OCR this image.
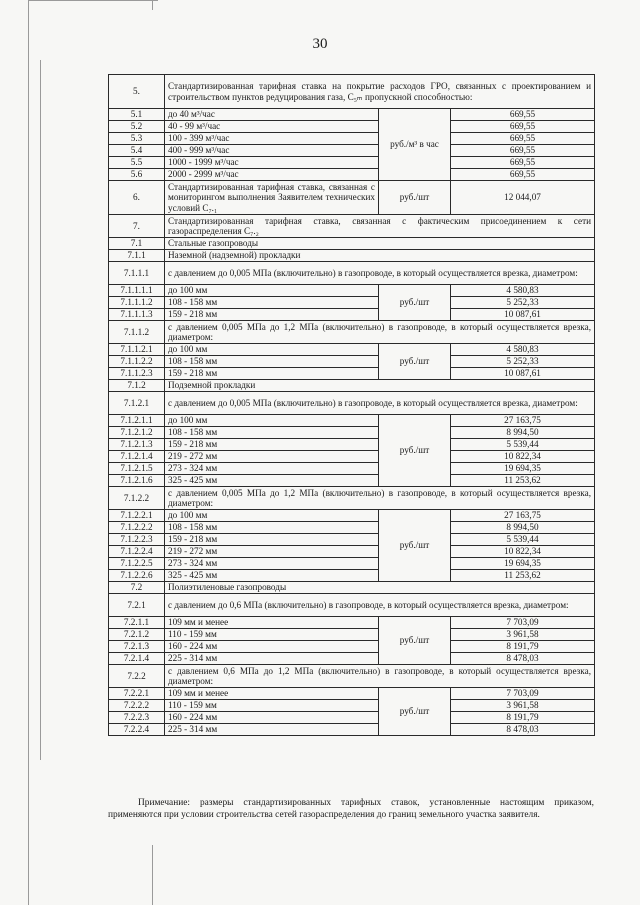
30
5.	Стандартизированная тарифная ставка на покрытие расходов ГРО, связанных с проектированием и строительством пунктов редуцирования газа, C₅ₘ пропускной способностью:		
5.1	до 40 м³/час	руб./м³ в час	669,55
5.2	40 - 99 м³/час		669,55
5.3	100 - 399 м³/час		669,55
5.4	400 - 999 м³/час		669,55
5.5	1000 - 1999 м³/час		669,55
5.6	2000 - 2999 м³/час		669,55
6.	Стандартизированная тарифная ставка, связанная с мониторингом выполнения Заявителем технических условий C₇.₁	руб./шт	12 044,07
7.	Стандартизированная тарифная ставка, связанная с фактическим присоединением к сети газораспределения C₇.₂		
7.1	Стальные газопроводы		
7.1.1	Наземной (надземной) прокладки		
7.1.1.1	с давлением до 0,005 МПа (включительно) в газопроводе, в который осуществляется врезка, диаметром:		
7.1.1.1.1	до 100 мм	руб./шт	4 580,83
7.1.1.1.2	108 - 158 мм		5 252,33
7.1.1.1.3	159 - 218 мм		10 087,61
7.1.1.2	с давлением 0,005 МПа до 1,2 МПа (включительно) в газопроводе, в который осуществляется врезка, диаметром:		
7.1.1.2.1	до 100 мм	руб./шт	4 580,83
7.1.1.2.2	108 - 158 мм		5 252,33
7.1.1.2.3	159 - 218 мм		10 087,61
7.1.2	Подземной прокладки		
7.1.2.1	с давлением до 0,005 МПа (включительно) в газопроводе, в который осуществляется врезка, диаметром:		
7.1.2.1.1	до 100 мм	руб./шт	27 163,75
7.1.2.1.2	108 - 158 мм		8 994,50
7.1.2.1.3	159 - 218 мм		5 539,44
7.1.2.1.4	219 - 272 мм		10 822,34
7.1.2.1.5	273 - 324 мм		19 694,35
7.1.2.1.6	325 - 425 мм		11 253,62
7.1.2.2	с давлением 0,005 МПа до 1,2 МПа (включительно) в газопроводе, в который осуществляется врезка, диаметром:		
7.1.2.2.1	до 100 мм	руб./шт	27 163,75
7.1.2.2.2	108 - 158 мм		8 994,50
7.1.2.2.3	159 - 218 мм		5 539,44
7.1.2.2.4	219 - 272 мм		10 822,34
7.1.2.2.5	273 - 324 мм		19 694,35
7.1.2.2.6	325 - 425 мм		11 253,62
7.2	Полиэтиленовые газопроводы		
7.2.1	с давлением до 0,6 МПа (включительно) в газопроводе, в который осуществляется врезка, диаметром:		
7.2.1.1	109 мм и менее	руб./шт	7 703,09
7.2.1.2	110 - 159 мм		3 961,58
7.2.1.3	160 - 224 мм		8 191,79
7.2.1.4	225 - 314 мм		8 478,03
7.2.2	с давлением 0,6 МПа до 1,2 МПа (включительно) в газопроводе, в который осуществляется врезка, диаметром:		
7.2.2.1	109 мм и менее	руб./шт	7 703,09
7.2.2.2	110 - 159 мм		3 961,58
7.2.2.3	160 - 224 мм		8 191,79
7.2.2.4	225 - 314 мм		8 478,03
Примечание: размеры стандартизированных тарифных ставок, установленные настоящим приказом, применяются при условии строительства сетей газораспределения до границ земельного участка заявителя.
